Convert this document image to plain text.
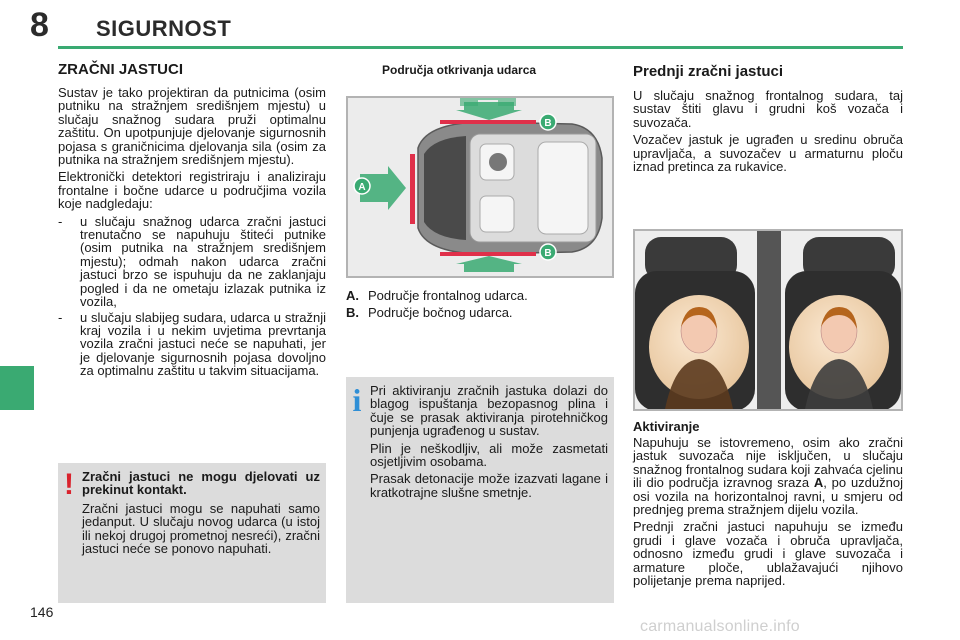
8 SIGURNOST
ZRAČNI JASTUCI

Sustav je tako projektiran da putnicima (osim putniku na stražnjem središnjem mjestu) u slučaju snažnog sudara pruži optimalnu zaštitu. On upotpunjuje djelovanje sigurnosnih pojasa s graničnicima djelovanja sila (osim za putnika na stražnjem središnjem mjestu).

Elektronički detektori registriraju i analiziraju frontalne i bočne udarce u područjima vozila koje nadgledaju:

- u slučaju snažnog udarca zračni jastuci trenutačno se napuhuju štiteći putnike (osim putnika na stražnjem središnjem mjestu); odmah nakon udarca zračni jastuci brzo se ispuhuju da ne zaklanjaju pogled i da ne ometaju izlazak putnika iz vozila,
- u slučaju slabijeg sudara, udarca u stražnji kraj vozila i u nekim uvjetima prevrtanja vozila zračni jastuci neće se napuhati, jer je djelovanje sigurnosnih pojasa dovoljno za optimalnu zaštitu u takvim situacijama.
! Zračni jastuci ne mogu djelovati uz prekinut kontakt.

Zračni jastuci mogu se napuhati samo jedanput. U slučaju novog udarca (u istoj ili nekoj drugoj prometnoj nesreći), zračni jastuci neće se ponovo napuhati.

Područja otkrivanja udarca
A
B
B
A. Područje frontalnog udarca.
B. Područje bočnog udarca.
i Pri aktiviranju zračnih jastuka dolazi do blagog ispuštanja bezopasnog plina i čuje se prasak aktiviranja pirotehničkog punjenja ugrađenog u sustav.

Plin je neškodljiv, ali može zasmetati osjetljivim osobama.

Prasak detonacije može izazvati lagane i kratkotrajne slušne smetnje.

Prednji zračni jastuci

U slučaju snažnog frontalnog sudara, taj sustav štiti glavu i grudni koš vozača i suvozača.

Vozačev jastuk je ugrađen u sredinu obruča upravljača, a suvozačev u armaturnu ploču iznad pretinca za rukavice.

Aktiviranje

Napuhuju se istovremeno, osim ako zračni jastuk suvozača nije isključen, u slučaju snažnog frontalnog sudara koji zahvaća cjelinu ili dio područja izravnog sraza A, po uzdužnoj osi vozila na horizontalnoj ravni, u smjeru od prednjeg prema stražnjem dijelu vozila.

Prednji zračni jastuci napuhuju se između grudi i glave vozača i obruča upravljača, odnosno između grudi i glave suvozača i armature ploče, ublažavajući njihovo polijetanje prema naprijed.

146
carmanualsonline.info
